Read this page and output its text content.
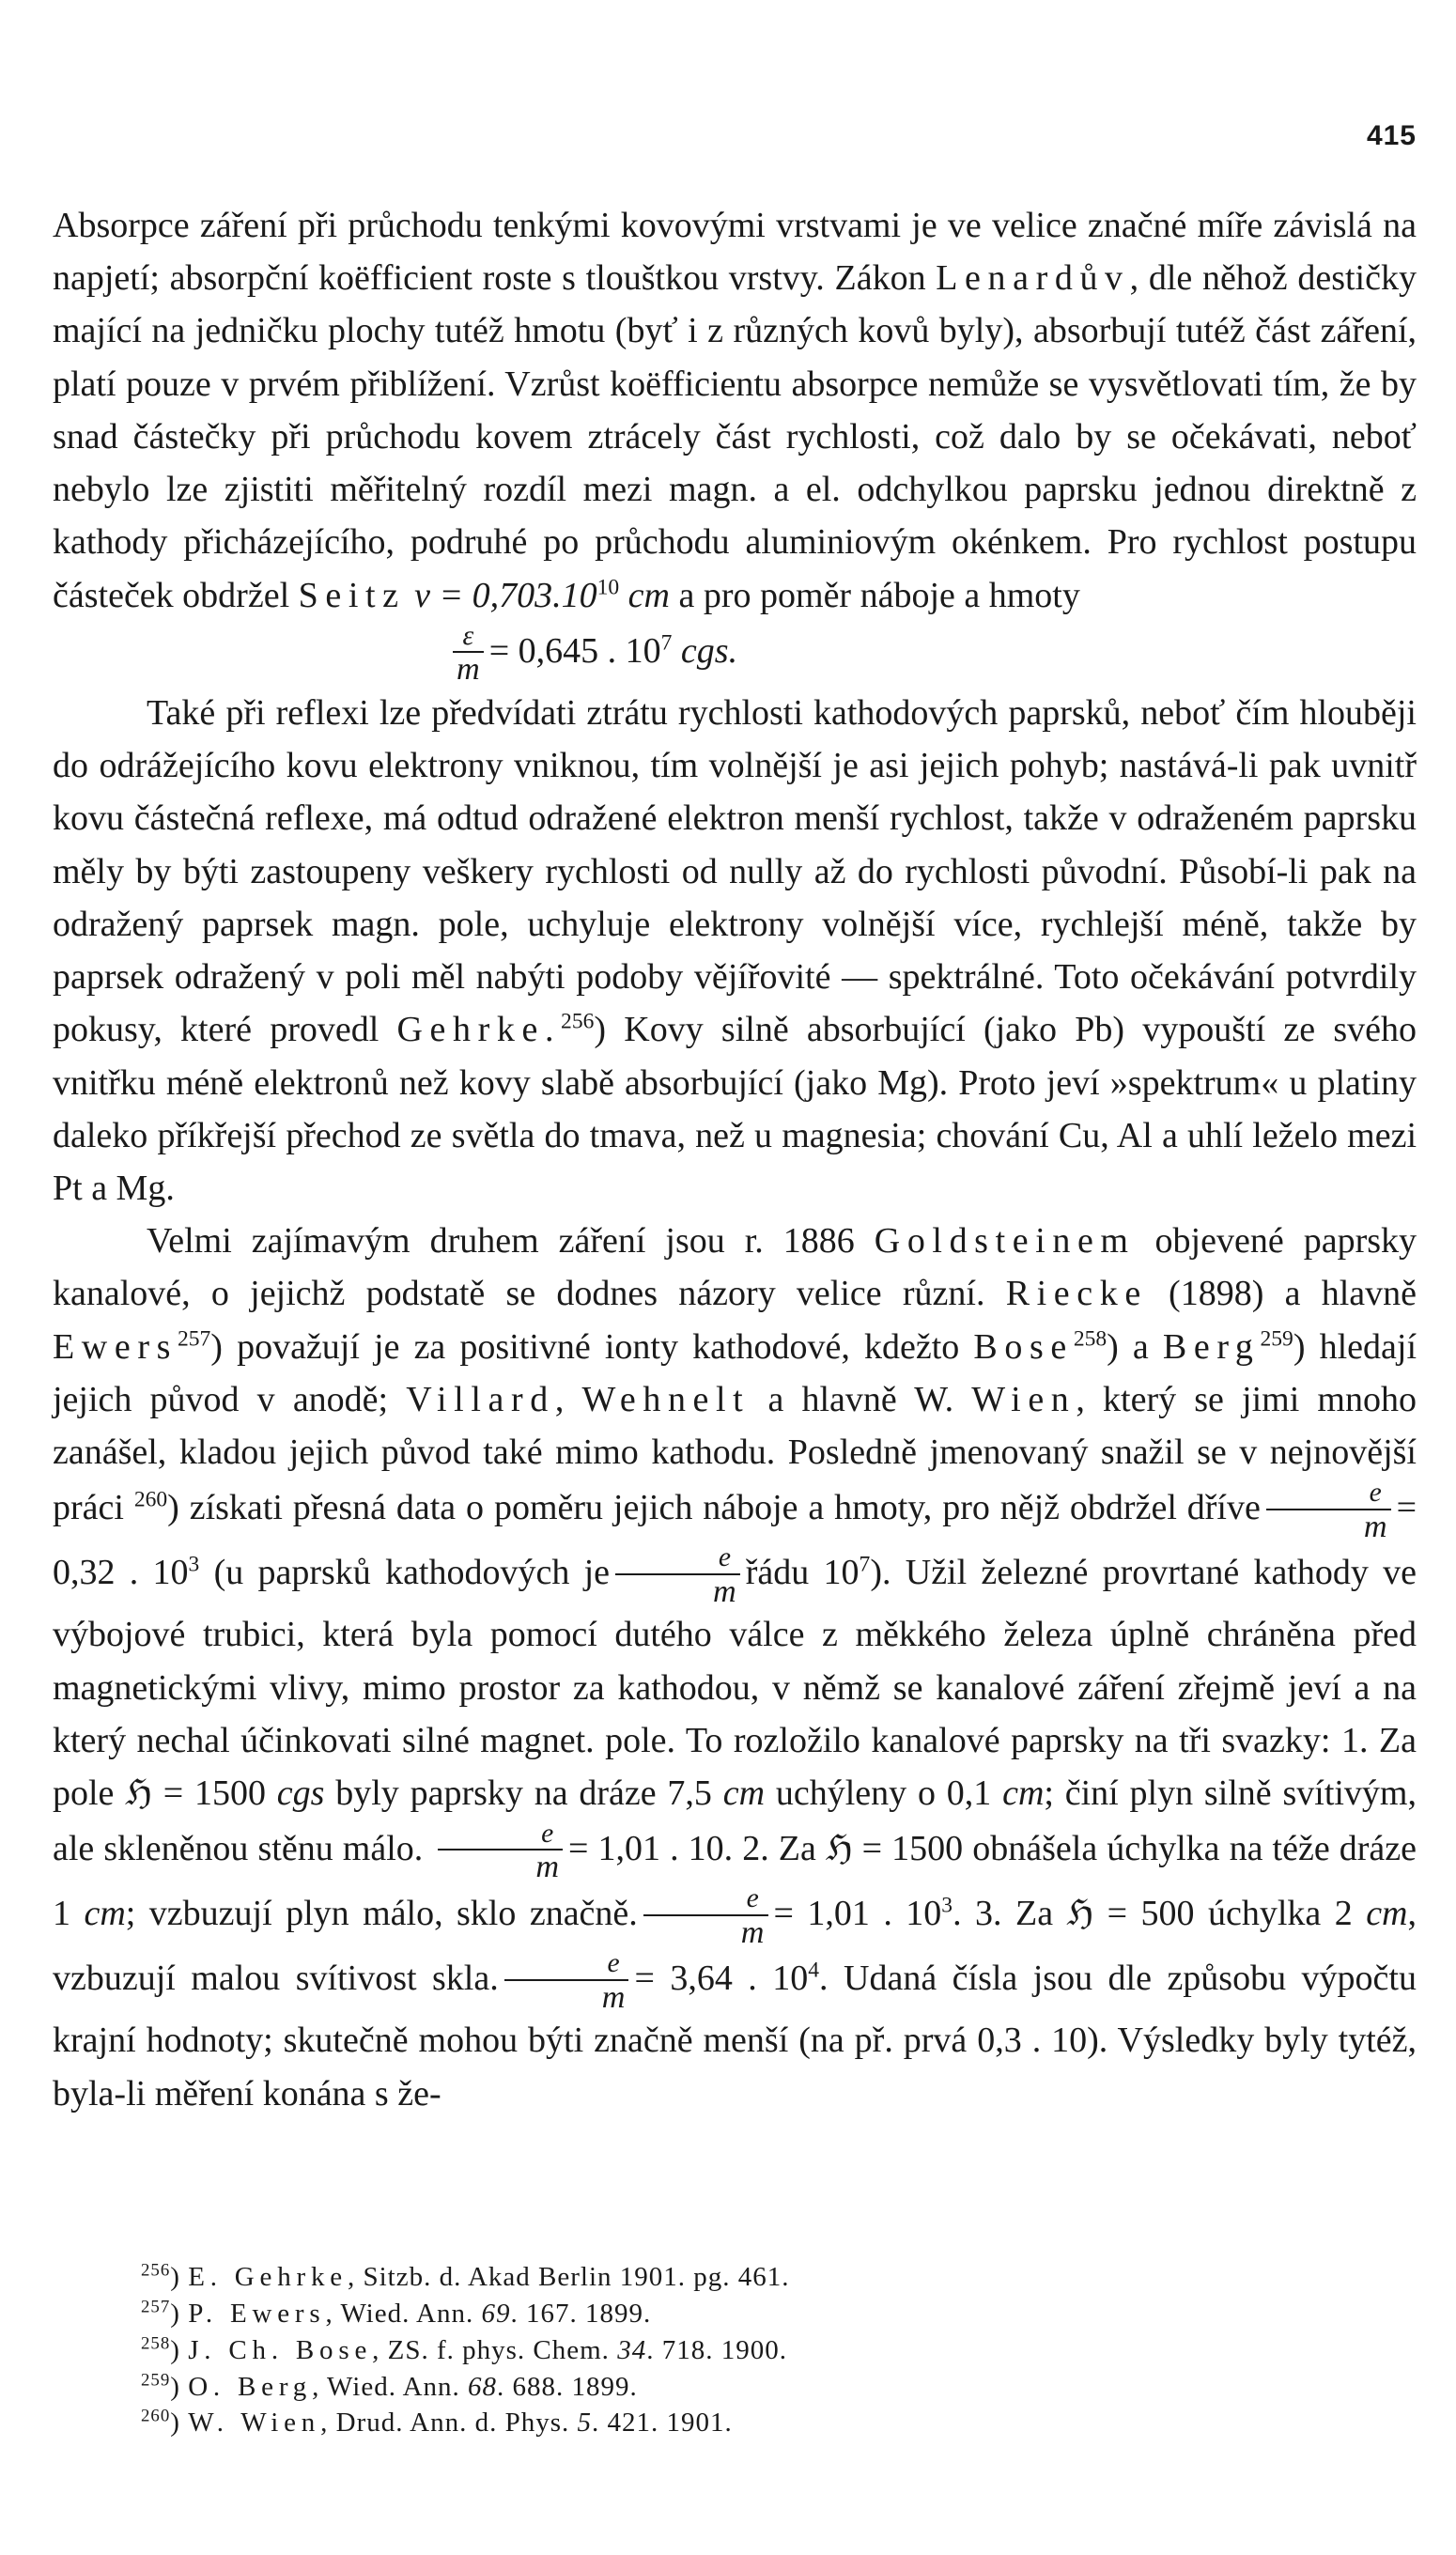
415

Absorpce záření při průchodu tenkými kovovými vrstvami je ve velice značné míře závislá na napjetí; absorpční koëfficient roste s tlouštkou vrstvy. Zákon Lenardův, dle něhož destičky mající na jedničku plochy tutéž hmotu (byť i z různých kovů byly), absorbují tutéž část záření, platí pouze v prvém přiblížení. Vzrůst koëfficientu absorpce nemůže se vysvětlovati tím, že by snad částečky při průchodu kovem ztrácely část rychlosti, což dalo by se očekávati, neboť nebylo lze zjistiti měřitelný rozdíl mezi magn. a el. odchylkou paprsku jednou direktně z kathody přicházejícího, podruhé po průchodu aluminiovým okénkem. Pro rychlost postupu částeček obdržel Seitz $v = 0,703.10^{10}$ cm a pro poměr náboje a hmoty

$\frac{\varepsilon}{m} = 0,645$ . $10^7$ cgs.

Také při reflexi lze předvídati ztrátu rychlosti kathodových paprsků, neboť čím hlouběji do odrážejícího kovu elektrony vniknou, tím volnější je asi jejich pohyb; nastává-li pak uvnitř kovu částečná reflexe, má odtud odražené elektron menší rychlost, takže v odraženém paprsku měly by býti zastoupeny veškery rychlosti od nully až do rychlosti původní. Působí-li pak na odražený paprsek magn. pole, uchyluje elektrony volnější více, rychlejší méně, takže by paprsek odražený v poli měl nabýti podoby vějířovité — spektrálné. Toto očekávání potvrdily pokusy, které provedl Gehrke.$^{256}$) Kovy silně absorbující (jako Pb) vypouští ze svého vnitřku méně elektronů než kovy slabě absorbující (jako Mg). Proto jeví »spektrum« u platiny daleko příkřejší přechod ze světla do tmava, než u magnesia; chování Cu, Al a uhlí leželo mezi Pt a Mg.

Velmi zajímavým druhem záření jsou r. 1886 Goldsteinem objevené paprsky kanalové, o jejichž podstatě se dodnes názory velice různí. Riecke (1898) a hlavně Ewers$^{257}$) považují je za positivné ionty kathodové, kdežto Bose$^{258}$) a Berg$^{259}$) hledají jejich původ v anodě; Villard, Wehnelt a hlavně W. Wien, který se jimi mnoho zanášel, kladou jejich původ také mimo kathodu. Posledně jmenovaný snažil se v nejnovější práci $^{260}$) získati přesná data o poměru jejich náboje a hmoty, pro nějž obdržel dříve $\frac{e}{m} = 0,32$ . $10^3$ (u paprsků kathodových je $\frac{e}{m}$ řádu $10^7$). Užil železné provrtané kathody ve výbojové trubici, která byla pomocí dutého válce z měkkého železa úplně chráněna před magnetickými vlivy, mimo prostor za kathodou, v němž se kanalové záření zřejmě jeví a na který nechal účinkovati silné magnet. pole. To rozložilo kanalové paprsky na tři svazky: 1. Za pole ℌ = 1500 cgs byly paprsky na dráze 7,5 cm uchýleny o 0,1 cm; činí plyn silně svítivým, ale skleněnou stěnu málo. $\frac{e}{m} = 1,01$ . 10. 2. Za ℌ = 1500 obnášela úchylka na téže dráze 1 cm; vzbuzují plyn málo, sklo značně. $\frac{e}{m} = 1,01$ . $10^3$. 3. Za ℌ = 500 úchylka 2 cm, vzbuzují malou svítivost skla. $\frac{e}{m} = 3,64$ . $10^4$. Udaná čísla jsou dle způsobu výpočtu krajní hodnoty; skutečně mohou býti značně menší (na př. prvá 0,3 . 10). Výsledky byly tytéž, byla-li měření konána s že-

$^{256}$) E. Gehrke, Sitzb. d. Akad Berlin 1901. pg. 461.

$^{257}$) P. Ewers, Wied. Ann. 69. 167. 1899.

$^{258}$) J. Ch. Bose, ZS. f. phys. Chem. 34. 718. 1900.

$^{259}$) O. Berg, Wied. Ann. 68. 688. 1899.

$^{260}$) W. Wien, Drud. Ann. d. Phys. 5. 421. 1901.
